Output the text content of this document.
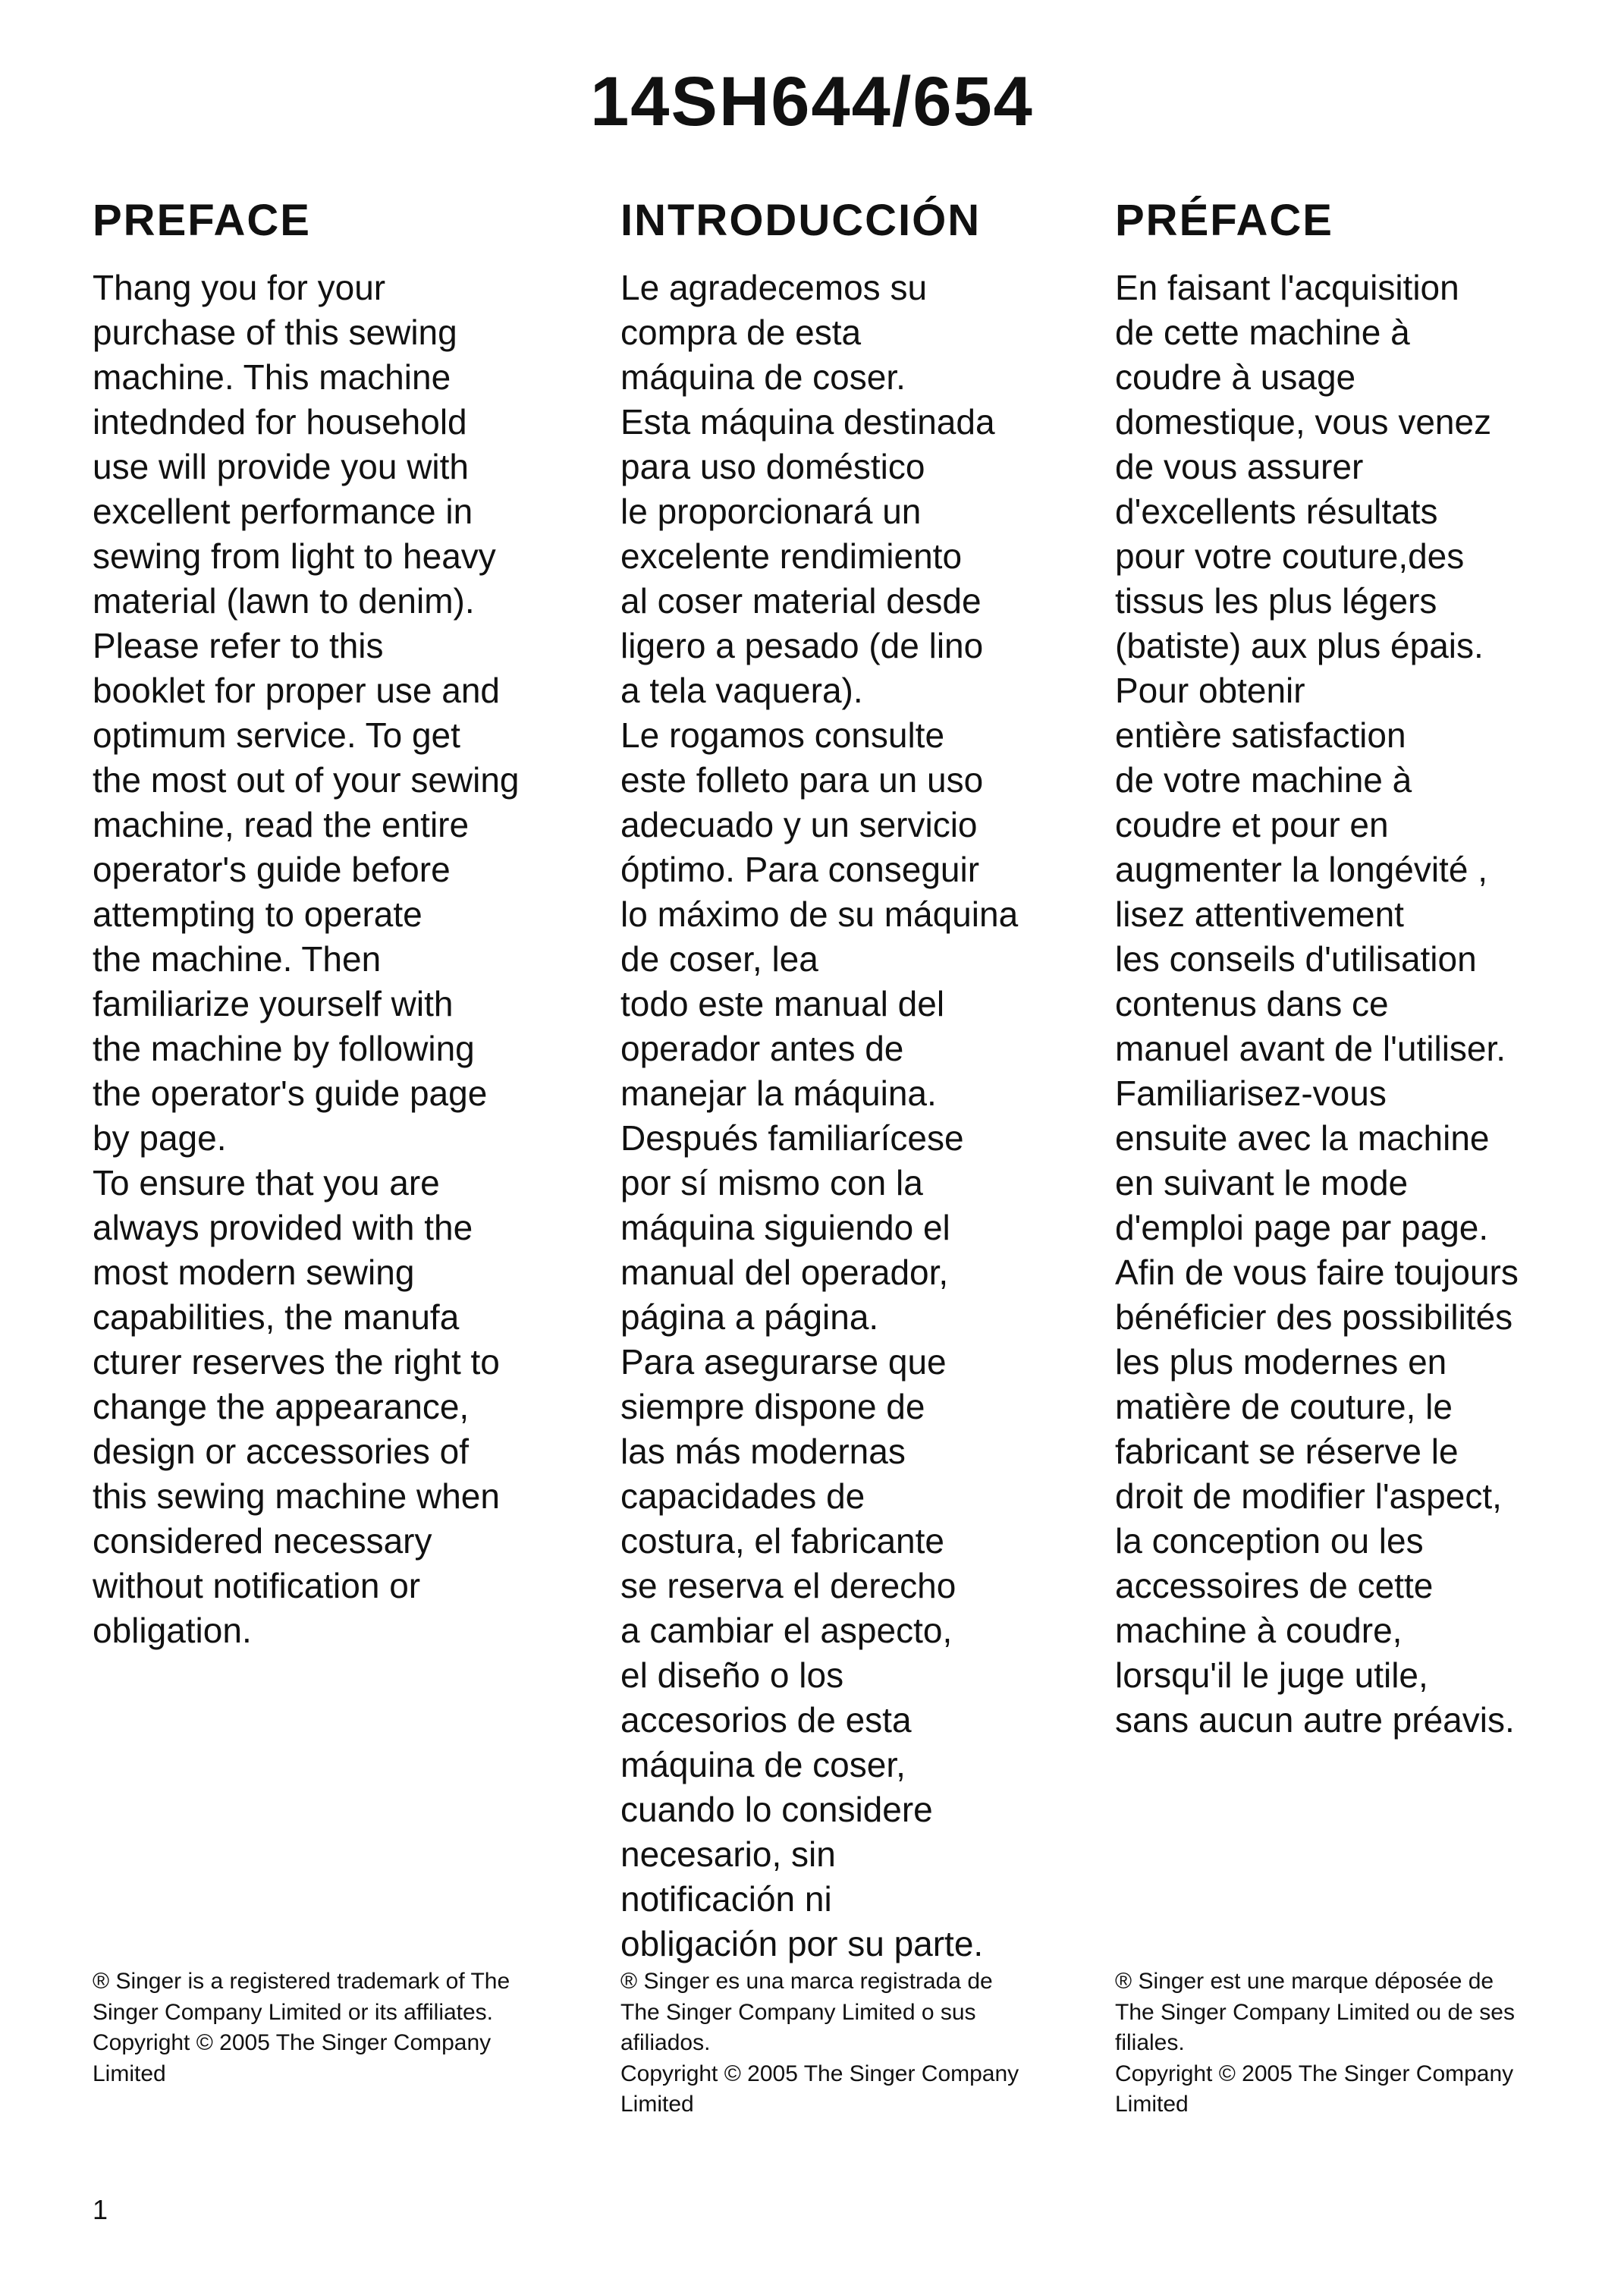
14SH644/654
PREFACE
Thang you for your
purchase of this sewing
machine. This machine
intednded for household
use will provide you with
excellent performance in
sewing from light to heavy
material (lawn to denim).
Please refer to this
booklet for proper use and
optimum service. To get
the most out of your sewing
machine, read the entire
operator's guide before
attempting to operate
the machine. Then
familiarize yourself with
the machine by following
the operator's guide page
by page.
To ensure that you are
always provided with the
most modern sewing
capabilities, the manufa
cturer reserves the right to
change the appearance,
design or accessories of
this sewing machine when
considered necessary
without notification or
obligation.
INTRODUCCIÓN
Le agradecemos su
compra de esta
máquina de coser.
Esta máquina destinada
para uso doméstico
le proporcionará un
excelente rendimiento
al coser material desde
ligero a pesado (de lino
a tela vaquera).
Le rogamos consulte
este folleto para un uso
adecuado y un servicio
óptimo. Para conseguir
lo máximo de su máquina
de coser, lea
todo este manual del
operador antes de
manejar la máquina.
Después familiarícese
por sí mismo con la
máquina siguiendo el
manual del operador,
página a página.
Para asegurarse que
siempre dispone de
las más modernas
capacidades de
costura, el fabricante
se reserva el derecho
a cambiar el aspecto,
el diseño o los
accesorios de esta
máquina de coser,
cuando lo considere
necesario, sin
notificación ni
obligación por su parte.
PRÉFACE
En faisant l'acquisition
de cette machine à
coudre à usage
domestique, vous venez
de vous assurer
d'excellents résultats
pour votre couture,des
tissus les plus légers
(batiste) aux plus épais.
Pour obtenir
entière satisfaction
de votre machine à
coudre et pour en
augmenter la longévité ,
lisez attentivement
les conseils d'utilisation
contenus dans ce
manuel avant de l'utiliser.
Familiarisez-vous
ensuite avec la machine
en suivant le mode
d'emploi page par page.
Afin de vous faire toujours
bénéficier des possibilités
les plus modernes en
matière de couture, le
fabricant se réserve le
droit de modifier l'aspect,
la conception ou les
accessoires de cette
machine à coudre,
lorsqu'il le juge utile,
sans aucun autre préavis.
® Singer is a registered trademark of The
Singer Company Limited or its affiliates.
Copyright © 2005 The Singer Company
Limited
® Singer es una marca registrada de
The Singer Company Limited o sus
afiliados.
Copyright © 2005 The Singer Company
Limited
® Singer est une marque déposée de
The Singer Company Limited ou de ses
filiales.
Copyright © 2005 The Singer Company
Limited
1
